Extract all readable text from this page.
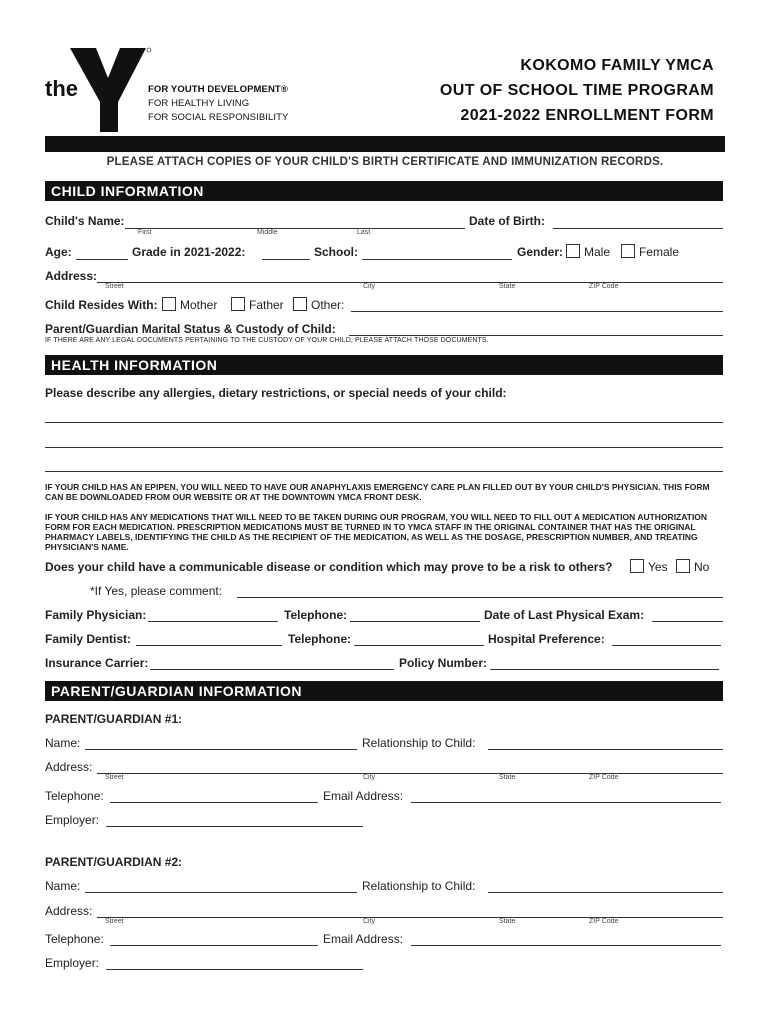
the	FOR YOUTH DEVELOPMENT®
FOR HEALTHY LIVING
FOR SOCIAL RESPONSIBILITY
KOKOMO FAMILY YMCA
OUT OF SCHOOL TIME PROGRAM
2021-2022 ENROLLMENT FORM
PLEASE ATTACH COPIES OF YOUR CHILD'S BIRTH CERTIFICATE AND IMMUNIZATION RECORDS.
CHILD INFORMATION
Child's Name:
First	Middle	Last
Date of Birth:
Age:	Grade in 2021-2022:	School:	Gender:	Male	Female
Address:
Street	City	State	ZIP Code
Child Resides With:	Mother	Father	Other:
Parent/Guardian Marital Status & Custody of Child:
IF THERE ARE ANY LEGAL DOCUMENTS PERTAINING TO THE CUSTODY OF YOUR CHILD, PLEASE ATTACH THOSE DOCUMENTS.
HEALTH INFORMATION
Please describe any allergies, dietary restrictions, or special needs of your child:
IF YOUR CHILD HAS AN EPIPEN, YOU WILL NEED TO HAVE OUR ANAPHYLAXIS EMERGENCY CARE PLAN FILLED OUT BY YOUR CHILD'S PHYSICIAN. THIS FORM CAN BE DOWNLOADED FROM OUR WEBSITE OR AT THE DOWNTOWN YMCA FRONT DESK.
IF YOUR CHILD HAS ANY MEDICATIONS THAT WILL NEED TO BE TAKEN DURING OUR PROGRAM, YOU WILL NEED TO FILL OUT A MEDICATION AUTHORIZATION FORM FOR EACH MEDICATION. PRESCRIPTION MEDICATIONS MUST BE TURNED IN TO YMCA STAFF IN THE ORIGINAL CONTAINER THAT HAS THE ORIGINAL PHARMACY LABELS, IDENTIFYING THE CHILD AS THE RECIPIENT OF THE MEDICATION, AS WELL AS THE DOSAGE, PRESCRIPTION NUMBER, AND TREATING PHYSICIAN'S NAME.
Does your child have a communicable disease or condition which may prove to be a risk to others?	Yes	No
*If Yes, please comment:
Family Physician:	Telephone:	Date of Last Physical Exam:
Family Dentist:	Telephone:	Hospital Preference:
Insurance Carrier:	Policy Number:
PARENT/GUARDIAN INFORMATION
PARENT/GUARDIAN #1:
Name:	Relationship to Child:
Address:
Street	City	State	ZIP Code
Telephone:	Email Address:
Employer:
PARENT/GUARDIAN #2:
Name:	Relationship to Child:
Address:
Street	City	State	ZIP Code
Telephone:	Email Address:
Employer:
